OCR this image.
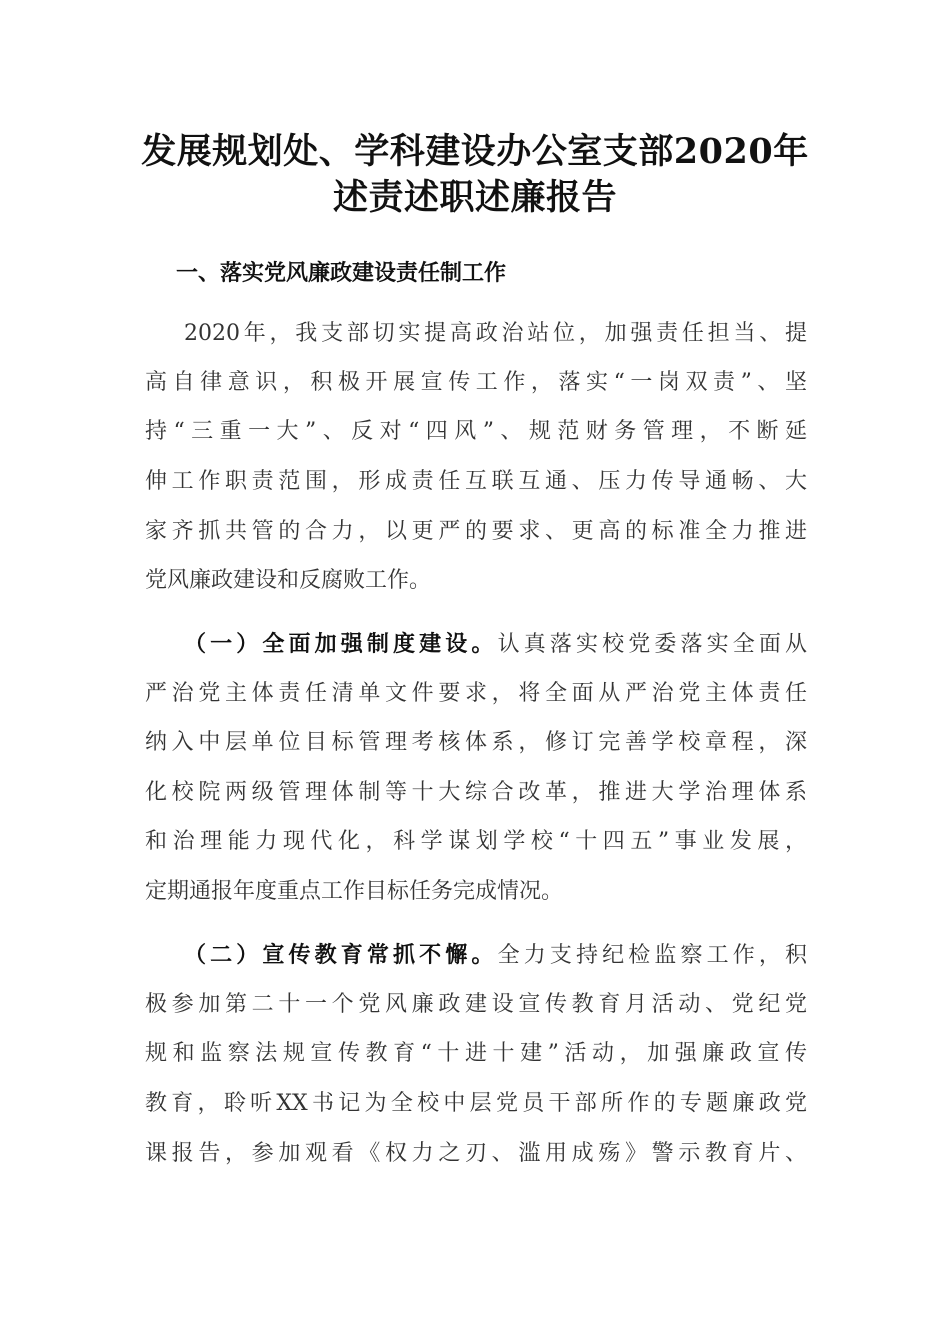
发展规划处、学科建设办公室支部2020年
述责述职述廉报告
一、落实党风廉政建设责任制工作
2020年，我支部切实提高政治站位，加强责任担当、提
高自律意识，积极开展宣传工作，落实“一岗双责”、坚
持“三重一大”、反对“四风”、规范财务管理，不断延
伸工作职责范围，形成责任互联互通、压力传导通畅、大
家齐抓共管的合力，以更严的要求、更高的标准全力推进
党风廉政建设和反腐败工作。
（一）全面加强制度建设。认真落实校党委落实全面从
严治党主体责任清单文件要求，将全面从严治党主体责任
纳入中层单位目标管理考核体系，修订完善学校章程，深
化校院两级管理体制等十大综合改革，推进大学治理体系
和治理能力现代化，科学谋划学校“十四五”事业发展，
定期通报年度重点工作目标任务完成情况。
（二）宣传教育常抓不懈。全力支持纪检监察工作，积
极参加第二十一个党风廉政建设宣传教育月活动、党纪党
规和监察法规宣传教育“十进十建”活动，加强廉政宣传
教育，聆听XX书记为全校中层党员干部所作的专题廉政党
课报告，参加观看《权力之刃、滥用成殇》警示教育片、
